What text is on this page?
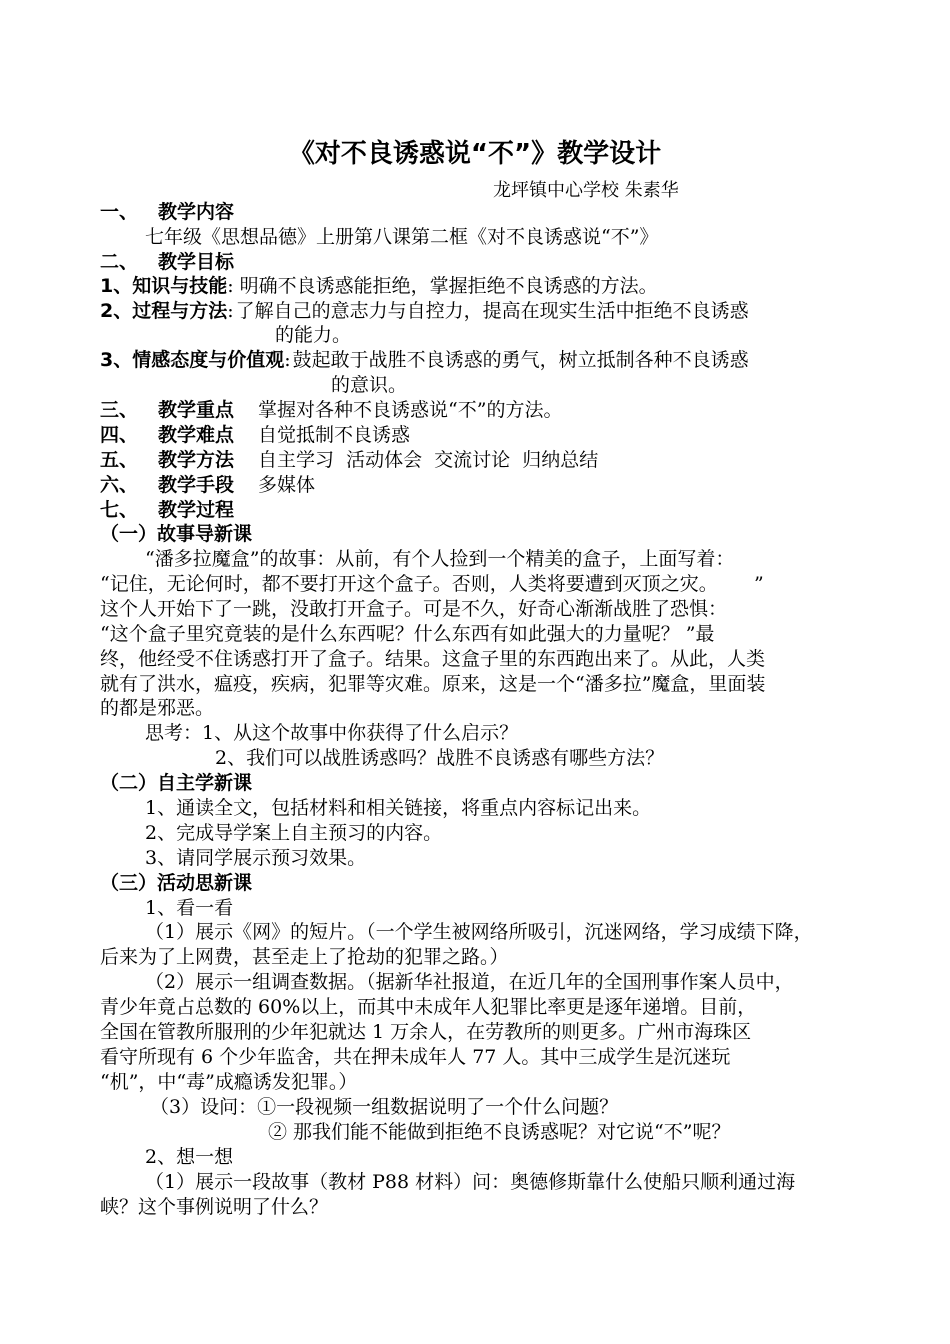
《对不良诱惑说“不”》教学设计
龙坪镇中心学校 朱素华
一、 教学内容
七年级《思想品德》上册第八课第二框《对不良诱惑说“不”》
二、 教学目标
1、知识与技能: 明确不良诱惑能拒绝，掌握拒绝不良诱惑的方法。
2、过程与方法: 了解自己的意志力与自控力，提高在现实生活中拒绝不良诱惑
的能力。
3、情感态度与价值观: 鼓起敢于战胜不良诱惑的勇气，树立抵制各种不良诱惑
的意识。
三、 教学重点 掌握对各种不良诱惑说“不”的方法。
四、 教学难点 自觉抵制不良诱惑
五、 教学方法 自主学习  活动体会  交流讨论  归纳总结
六、 教学手段 多媒体
七、 教学过程
（一）故事导新课
“潘多拉魔盒”的故事：从前，有个人捡到一个精美的盒子，上面写着：
“记住，无论何时，都不要打开这个盒子。否则，人类将要遭到灭顶之灾。      ”
这个人开始下了一跳，没敢打开盒子。可是不久，好奇心渐渐战胜了恐惧：
“这个盒子里究竟装的是什么东西呢？什么东西有如此强大的力量呢？ ”最
终，他经受不住诱惑打开了盒子。结果。这盒子里的东西跑出来了。从此，人类
就有了洪水，瘟疫，疾病，犯罪等灾难。原来，这是一个“潘多拉”魔盒，里面装
的都是邪恶。
思考：1、从这个故事中你获得了什么启示？
2、我们可以战胜诱惑吗？战胜不良诱惑有哪些方法？
（二）自主学新课
1、通读全文，包括材料和相关链接，将重点内容标记出来。
2、完成导学案上自主预习的内容。
3、请同学展示预习效果。
（三）活动思新课
1、看一看
（1）展示《网》的短片。（一个学生被网络所吸引，沉迷网络，学习成绩下降，
后来为了上网费，甚至走上了抢劫的犯罪之路。）
（2）展示一组调查数据。（据新华社报道，在近几年的全国刑事作案人员中，
青少年竟占总数的 60%以上，而其中未成年人犯罪比率更是逐年递增。目前，
全国在管教所服刑的少年犯就达 1 万余人，在劳教所的则更多。广州市海珠区
看守所现有 6 个少年监舍，共在押未成年人 77 人。其中三成学生是沉迷玩
“机”，中“毒”成瘾诱发犯罪。）
（3）设问：①一段视频一组数据说明了一个什么问题？
② 那我们能不能做到拒绝不良诱惑呢？对它说“不”呢？
2、想一想
（1）展示一段故事（教材 P88 材料）问：奥德修斯靠什么使船只顺利通过海
峡？这个事例说明了什么？
